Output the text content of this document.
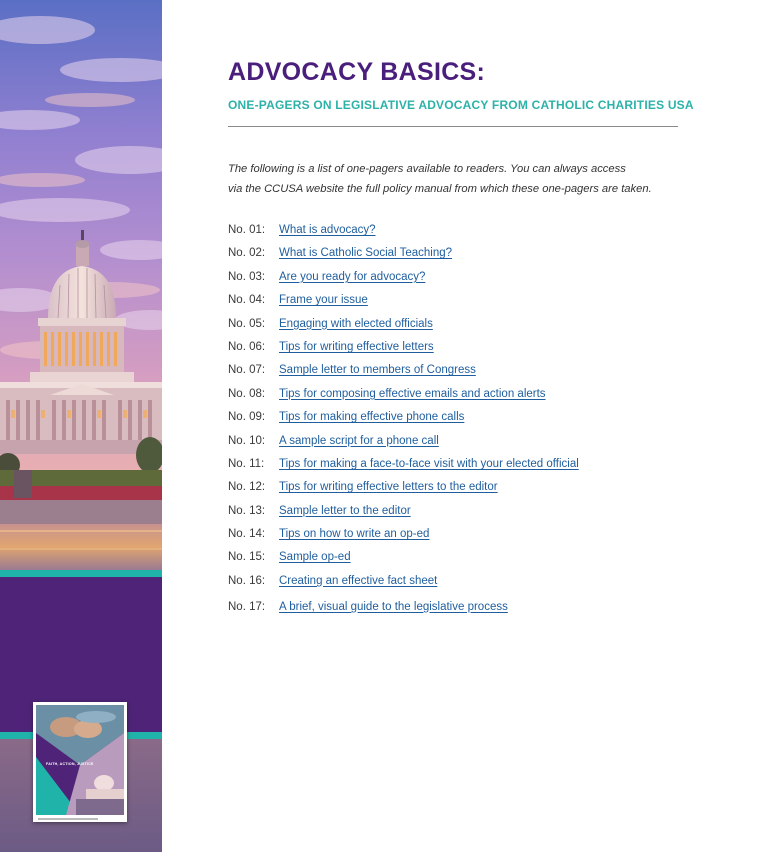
FAITH, ACTION, JUSTICE
ADVOCACY BASICS:
ONE-PAGERS ON LEGISLATIVE ADVOCACY FROM CATHOLIC CHARITIES USA

The following is a list of one-pagers available to readers. You can always access

via the CCUSA website the full policy manual from which these one-pagers are taken.

No. 01: What is advocacy?
No. 02: What is Catholic Social Teaching?
No. 03: Are you ready for advocacy?
No. 04: Frame your issue
No. 05: Engaging with elected officials
No. 06: Tips for writing effective letters
No. 07: Sample letter to members of Congress
No. 08: Tips for composing effective emails and action alerts
No. 09: Tips for making effective phone calls
No. 10: A sample script for a phone call
No. 11: Tips for making a face-to-face visit with your elected official
No. 12: Tips for writing effective letters to the editor
No. 13: Sample letter to the editor
No. 14: Tips on how to write an op-ed
No. 15: Sample op-ed
No. 16: Creating an effective fact sheet
No. 17: A brief, visual guide to the legislative process
